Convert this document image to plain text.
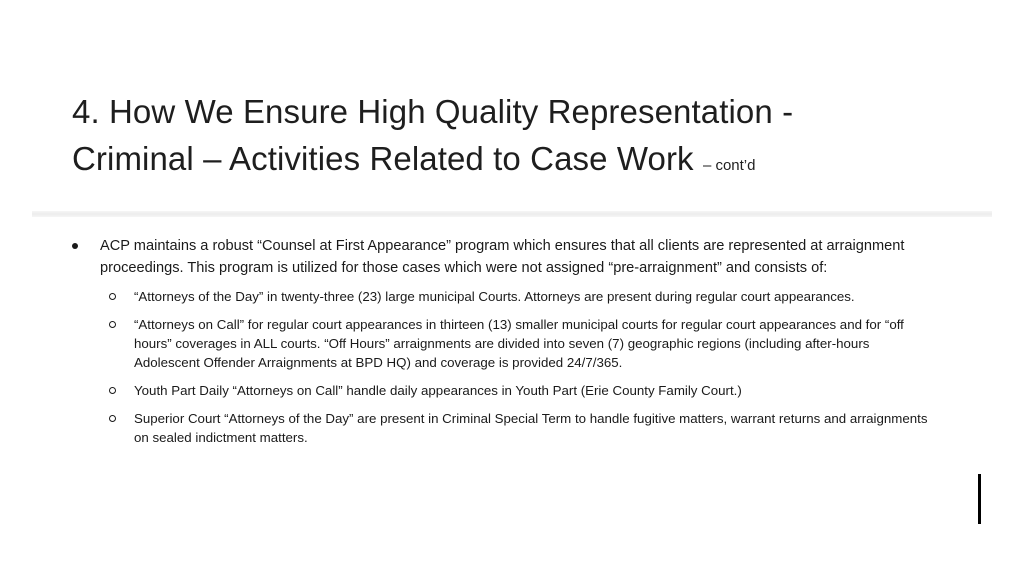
4. How We Ensure High Quality Representation -
Criminal – Activities Related to Case Work – cont’d
ACP maintains a robust “Counsel at First Appearance” program which ensures that all clients are represented at arraignment proceedings. This program is utilized for those cases which were not assigned “pre-arraignment” and consists of:
“Attorneys of the Day” in twenty-three (23) large municipal Courts. Attorneys are present during regular court appearances.
“Attorneys on Call” for regular court appearances in thirteen (13) smaller municipal courts for regular court appearances and for “off hours” coverages in ALL courts. “Off Hours” arraignments are divided into seven (7) geographic regions (including after-hours Adolescent Offender Arraignments at BPD HQ) and coverage is provided 24/7/365.
Youth Part Daily “Attorneys on Call” handle daily appearances in Youth Part (Erie County Family Court.)
Superior Court “Attorneys of the Day” are present in Criminal Special Term to handle fugitive matters, warrant returns and arraignments on sealed indictment matters.
